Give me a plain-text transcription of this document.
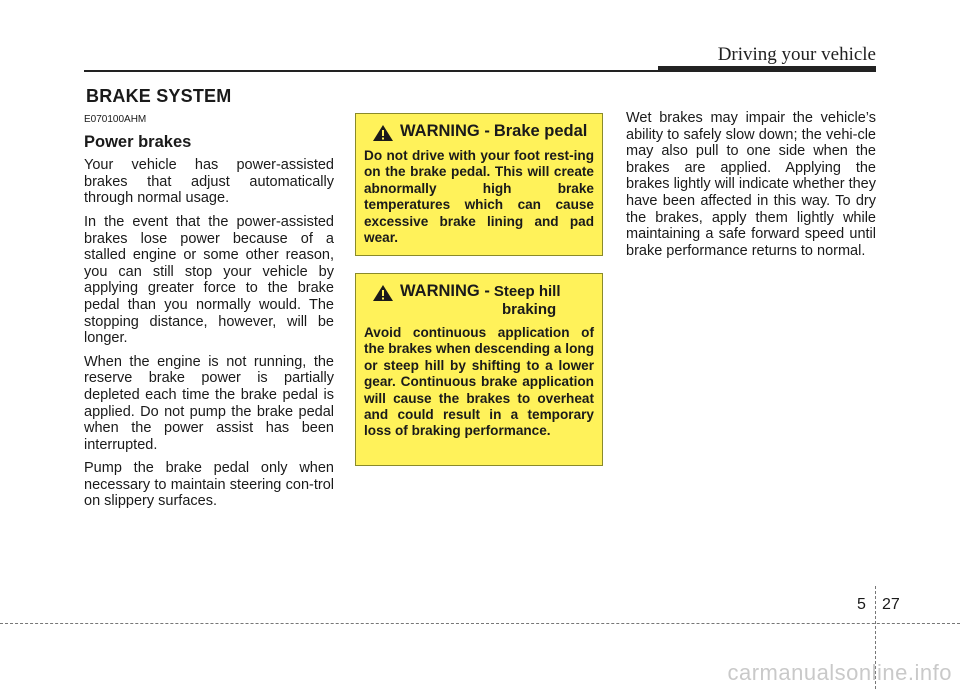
Driving your vehicle
BRAKE SYSTEM
E070100AHM
Power brakes

Your vehicle has power-assisted brakes that adjust automatically through normal usage.

In the event that the power-assisted brakes lose power because of a stalled engine or some other reason, you can still stop your vehicle by applying greater force to the brake pedal than you normally would. The stopping distance, however, will be longer.

When the engine is not running, the reserve brake power is partially depleted each time the brake pedal is applied. Do not pump the brake pedal when the power assist has been interrupted.

Pump the brake pedal only when necessary to maintain steering con-trol on slippery surfaces.

WARNING - Brake pedal
Do not drive with your foot rest-ing on the brake pedal. This will create abnormally high brake temperatures which can cause excessive brake lining and pad wear.
WARNING - Steep hill
braking
Avoid continuous application of the brakes when descending a long or steep hill by shifting to a lower gear. Continuous brake application will cause the brakes to overheat and could result in a temporary loss of braking performance.

Wet brakes may impair the vehicle’s ability to safely slow down; the vehi-cle may also pull to one side when the brakes are applied. Applying the brakes lightly will indicate whether they have been affected in this way. To dry the brakes, apply them lightly while maintaining a safe forward speed until brake performance returns to normal.

5 27
carmanualsonline.info
